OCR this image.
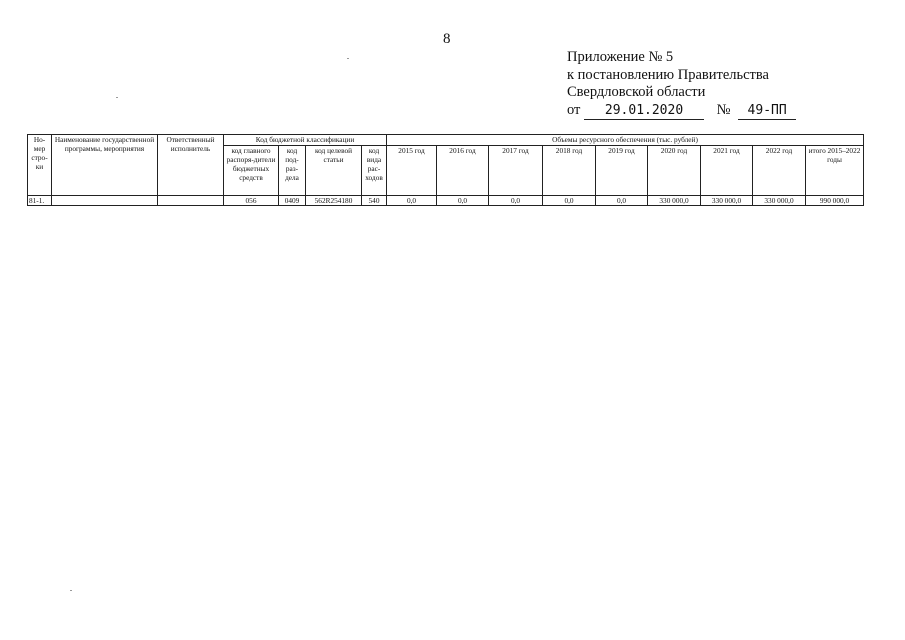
8
Приложение № 5
к постановлению Правительства
Свердловской области
от 29.01.2020 № 49-ПП
Но-мер стро-ки	Наименование государственной программы, мероприятия	Ответственный исполнитель	Код бюджетной классификации				Объемы ресурсного обеспечения (тыс. рублей)								
			код главного распоря-дители бюджетных средств	код под-раз-дела	код целевой статьи	код вида рас-ходов	2015 год	2016 год	2017 год	2018 год	2019 год	2020 год	2021 год	2022 год	итого 2015–2022 годы

81-1.			056	0409	562R254180	540	0,0	0,0	0,0	0,0	0,0	330 000,0	330 000,0	330 000,0	990 000,0
